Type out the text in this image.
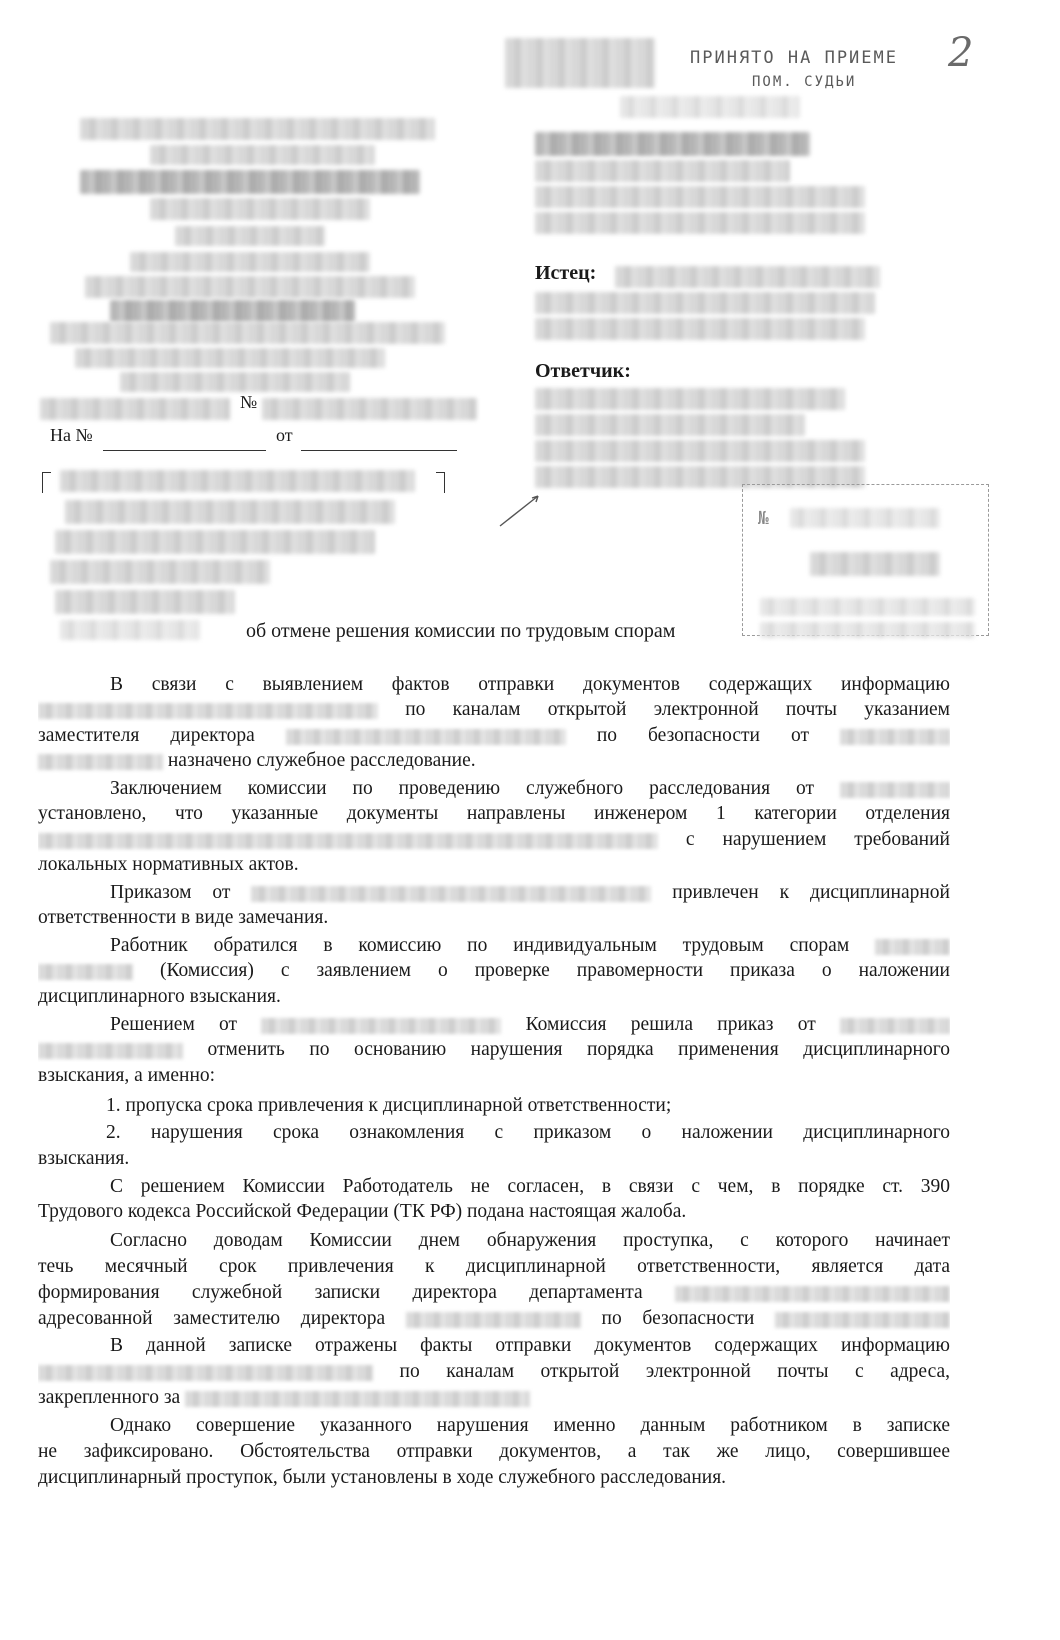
ПРИНЯТО НА ПРИЕМЕ
ПОМ. СУДЬИ
2
№
На №	от
Истец:
Ответчик:
№
об отмене решения комиссии по трудовым спорам
В связи с выявлением фактов отправки документов содержащих информацию
по каналам открытой электронной почты указанием
заместителя директора	по безопасности от
назначено служебное расследование.
Заключением комиссии по проведению служебного расследования от
установлено, что указанные документы направлены инженером 1 категории отделения
с нарушением требований
локальных нормативных актов.
Приказом от	привлечен к дисциплинарной
ответственности в виде замечания.
Работник обратился в комиссию по индивидуальным трудовым спорам
(Комиссия) с заявлением о проверке правомерности приказа о наложении
дисциплинарного взыскания.
Решением от	Комиссия решила приказ от
отменить по основанию нарушения порядка применения дисциплинарного
взыскания, а именно:
1. пропуска срока привлечения к дисциплинарной ответственности;
2. нарушения срока ознакомления с приказом о наложении дисциплинарного
взыскания.
С решением Комиссии Работодатель не согласен, в связи с чем, в порядке ст. 390
Трудового кодекса Российской Федерации (ТК РФ) подана настоящая жалоба.
Согласно доводам Комиссии днем обнаружения проступка, с которого начинает
течь месячный срок привлечения к дисциплинарной ответственности, является дата
формирования служебной записки директора департамента
адресованной заместителю директора	по безопасности
В данной записке отражены факты отправки документов содержащих информацию
по каналам открытой электронной почты с адреса,
закрепленного за
Однако совершение указанного нарушения именно данным работником в записке
не зафиксировано. Обстоятельства отправки документов, а так же лицо, совершившее
дисциплинарный проступок, были установлены в ходе служебного расследования.
